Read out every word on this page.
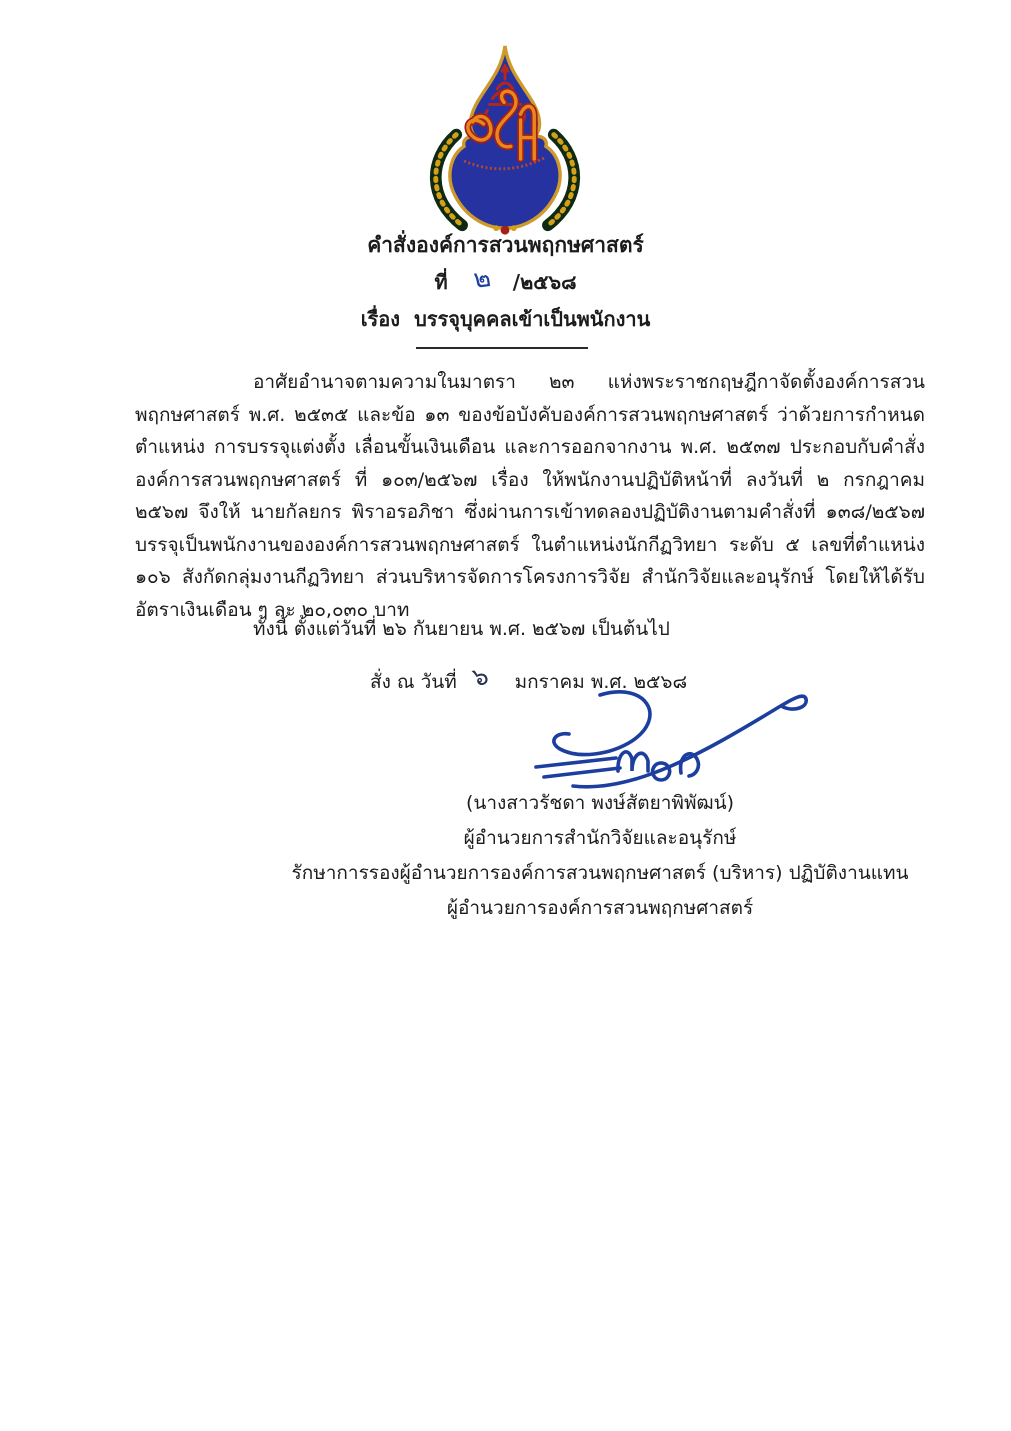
คำสั่งองค์การสวนพฤกษศาสตร์
ที่ ๒ /๒๕๖๘
เรื่อง บรรจุบุคคลเข้าเป็นพนักงาน

อาศัยอำนาจตามความในมาตรา ๒๓ แห่งพระราชกฤษฎีกาจัดตั้งองค์การสวนพฤกษศาสตร์ พ.ศ. ๒๕๓๕ และข้อ ๑๓ ของข้อบังคับองค์การสวนพฤกษศาสตร์ ว่าด้วยการกำหนดตำแหน่ง การบรรจุแต่งตั้ง เลื่อนขั้นเงินเดือน และการออกจากงาน พ.ศ. ๒๕๓๗ ประกอบกับคำสั่งองค์การสวนพฤกษศาสตร์ ที่ ๑๐๓/๒๕๖๗ เรื่อง ให้พนักงานปฏิบัติหน้าที่ ลงวันที่ ๒ กรกฎาคม ๒๕๖๗ จึงให้ นายกัลยกร พิราอรอภิชา ซึ่งผ่านการเข้าทดลองปฏิบัติงานตามคำสั่งที่ ๑๓๘/๒๕๖๗ บรรจุเป็นพนักงานขององค์การสวนพฤกษศาสตร์ ในตำแหน่งนักกีฏวิทยา ระดับ ๕ เลขที่ตำแหน่ง ๑๐๖ สังกัดกลุ่มงานกีฏวิทยา ส่วนบริหารจัดการโครงการวิจัย สำนักวิจัยและอนุรักษ์ โดยให้ได้รับอัตราเงินเดือน ๆ ละ ๒๐,๐๓๐ บาท

ทั้งนี้ ตั้งแต่วันที่ ๒๖ กันยายน พ.ศ. ๒๕๖๗ เป็นต้นไป

สั่ง ณ วันที่ ๖ มกราคม พ.ศ. ๒๕๖๘
(นางสาวรัชดา พงษ์สัตยาพิพัฒน์)
ผู้อำนวยการสำนักวิจัยและอนุรักษ์
รักษาการรองผู้อำนวยการองค์การสวนพฤกษศาสตร์ (บริหาร) ปฏิบัติงานแทน
ผู้อำนวยการองค์การสวนพฤกษศาสตร์
